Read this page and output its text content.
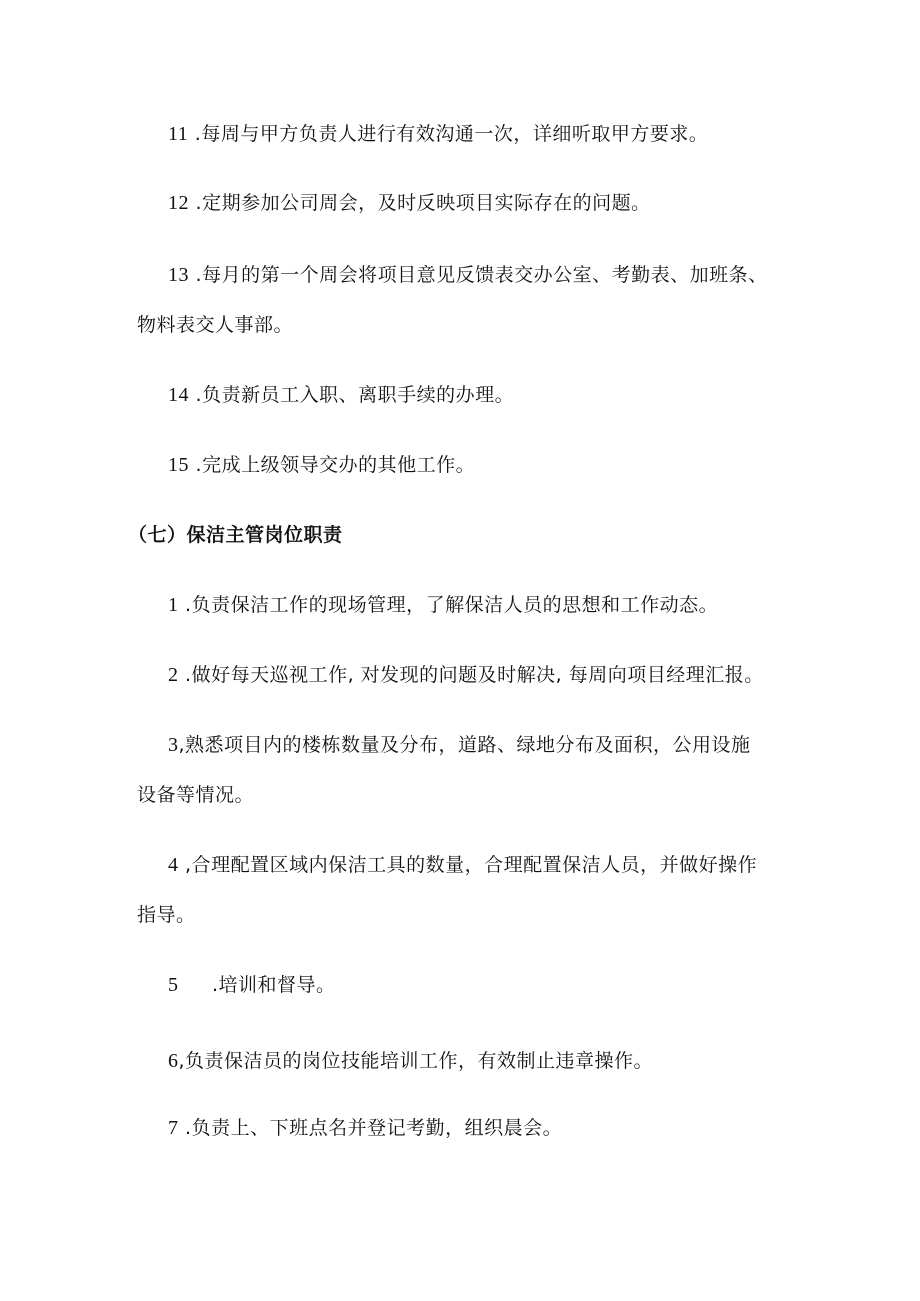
11 .每周与甲方负责人进行有效沟通一次，详细听取甲方要求。
12 .定期参加公司周会，及时反映项目实际存在的问题。
13 .每月的第一个周会将项目意见反馈表交办公室、考勤表、加班条、
物料表交人事部。
14 .负责新员工入职、离职手续的办理。
15 .完成上级领导交办的其他工作。
（七）保洁主管岗位职责
1 .负责保洁工作的现场管理，了解保洁人员的思想和工作动态。
2 .做好每天巡视工作, 对发现的问题及时解决, 每周向项目经理汇报。
3,熟悉项目内的楼栋数量及分布，道路、绿地分布及面积，公用设施
设备等情况。
4 ,合理配置区域内保洁工具的数量，合理配置保洁人员，并做好操作
指导。
5 .培训和督导。
6,负责保洁员的岗位技能培训工作，有效制止违章操作。
7 .负责上、下班点名并登记考勤，组织晨会。
